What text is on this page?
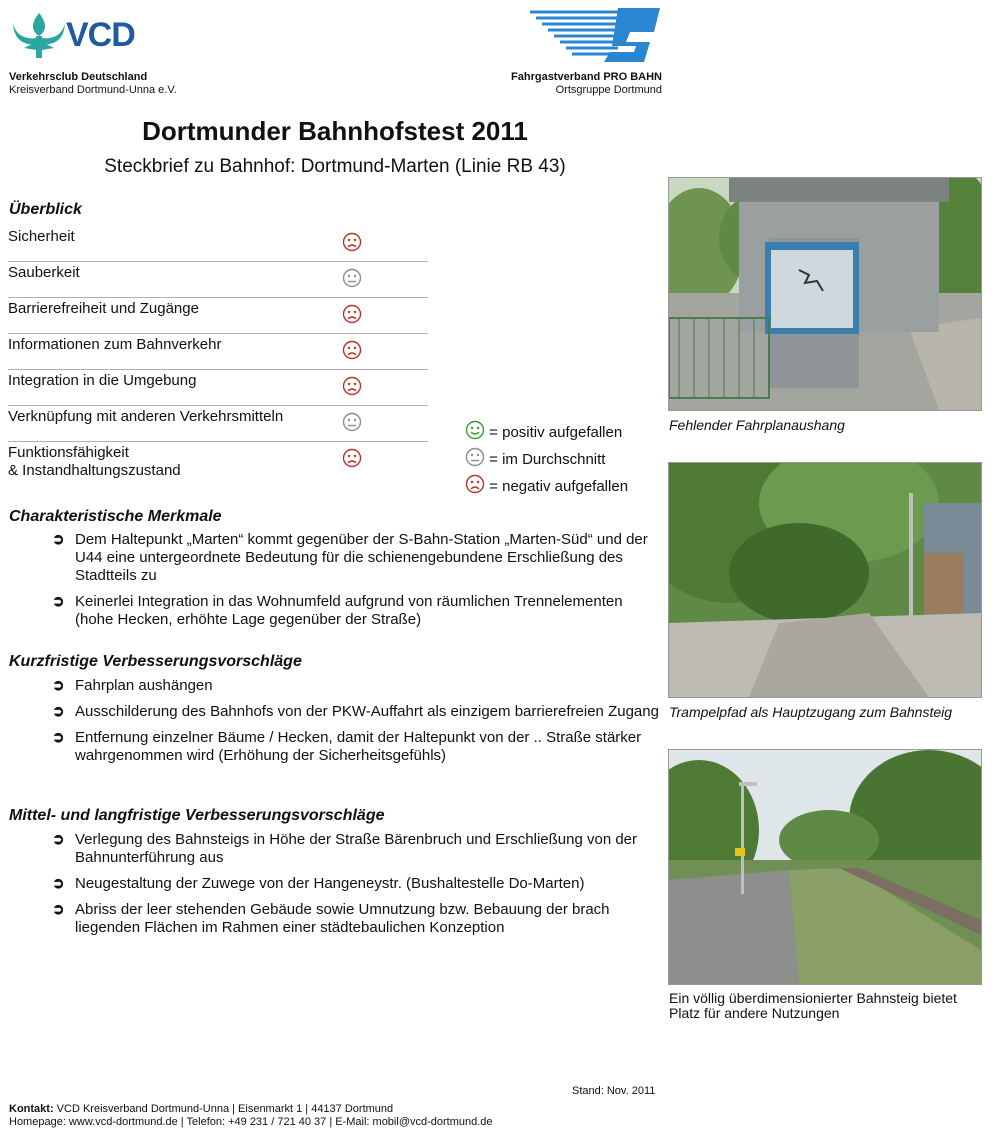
VCD
Verkehrsclub Deutschland
Kreisverband Dortmund-Unna e.V.
Fahrgastverband PRO BAHN
Ortsgruppe Dortmund
Dortmunder Bahnhofstest 2011
Steckbrief zu Bahnhof: Dortmund-Marten (Linie RB 43)
Überblick
Sicherheit
Sauberkeit
Barrierefreiheit und Zugänge
Informationen zum Bahnverkehr
Integration in die Umgebung
Verknüpfung mit anderen Verkehrsmitteln
Funktionsfähigkeit
& Instandhaltungszustand
= positiv aufgefallen
= im Durchschnitt
= negativ aufgefallen
Charakteristische Merkmale
➲ Dem Haltepunkt „Marten“ kommt gegenüber der S-Bahn-Station „Marten-Süd“ und der U44 eine untergeordnete Bedeutung für die schienengebundene Erschließung des Stadtteils zu
➲ Keinerlei Integration in das Wohnumfeld aufgrund von räumlichen Trennelementen (hohe Hecken, erhöhte Lage gegenüber der Straße)
Kurzfristige Verbesserungsvorschläge
➲ Fahrplan aushängen
➲ Ausschilderung des Bahnhofs von der PKW-Auffahrt als einzigem barrierefreien Zugang
➲ Entfernung einzelner Bäume / Hecken, damit der Haltepunkt von der .. Straße stärker wahrgenommen wird (Erhöhung der Sicherheitsgefühls)
Mittel- und langfristige Verbesserungsvorschläge
➲ Verlegung des Bahnsteigs in Höhe der Straße Bärenbruch und Erschließung von der Bahnunterführung aus
➲ Neugestaltung der Zuwege von der Hangeneystr. (Bushaltestelle Do-Marten)
➲ Abriss der leer stehenden Gebäude sowie Umnutzung bzw. Bebauung der brach liegenden Flächen im Rahmen einer städtebaulichen Konzeption
Fehlender Fahrplanaushang
Trampelpfad als Hauptzugang zum Bahnsteig
Ein völlig überdimensionierter Bahnsteig bietet
Platz für andere Nutzungen
Stand: Nov. 2011
Kontakt: VCD Kreisverband Dortmund-Unna | Eisenmarkt 1 | 44137 Dortmund
Homepage: www.vcd-dortmund.de | Telefon: +49 231 / 721 40 37 | E-Mail: mobil@vcd-dortmund.de
